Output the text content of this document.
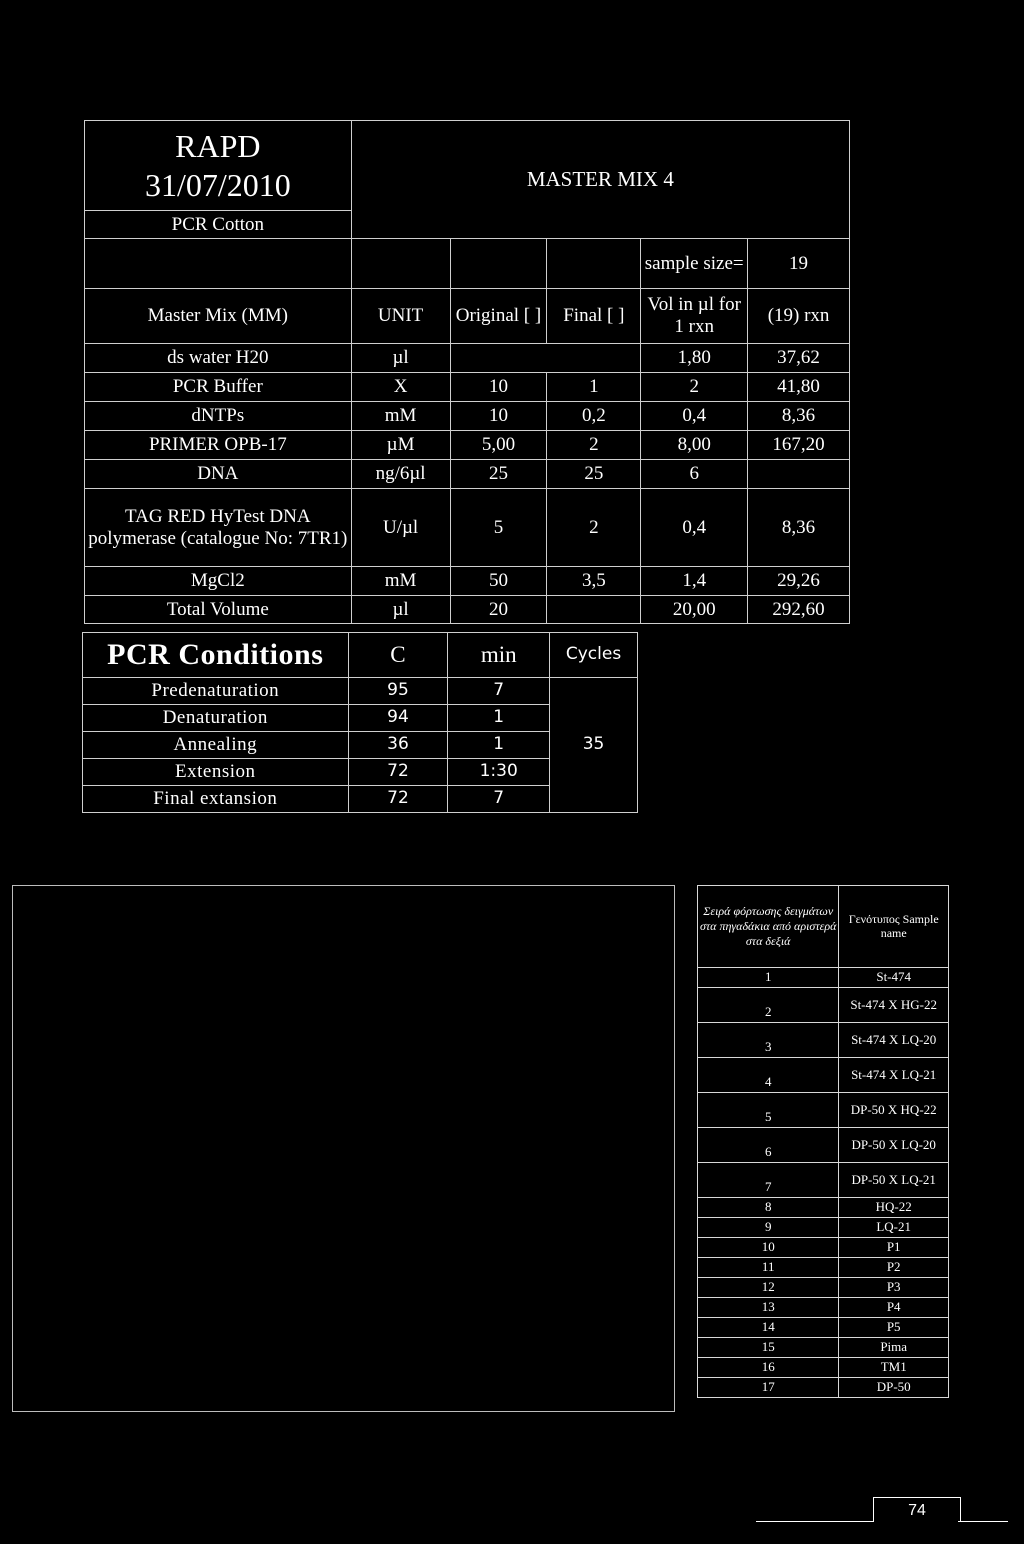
RAPD
31/07/2010	MASTER MIX 4				
PCR Cotton					
				sample size=	19
Master Mix (MM)	UNIT	Original [ ]	Final [ ]	Vol in µl for 1 rxn	(19) rxn
ds water H20	µl			1,80	37,62
PCR Buffer	X	10	1	2	41,80
dNTPs	mM	10	0,2	0,4	8,36
PRIMER OPB-17	µM	5,00	2	8,00	167,20
DNA	ng/6µl	25	25	6	
TAG RED HyTest DNA polymerase (catalogue No: 7TR1)	U/µl	5	2	0,4	8,36
MgCl2	mM	50	3,5	1,4	29,26
Total Volume	µl	20		20,00	292,60
PCR Conditions	C	min	Cycles
Predenaturation	95	7	35
Denaturation	94	1	
Annealing	36	1	
Extension	72	1:30	
Final extansion	72	7	
Σειρά φόρτωσης δειγμάτων στα πηγαδάκια από αριστερά στα δεξιά	Γενότυπος Sample name
1	St-474
2	St-474 X HG-22
3	St-474 X LQ-20
4	St-474 X LQ-21
5	DP-50 X HQ-22
6	DP-50 X LQ-20
7	DP-50 X LQ-21
8	HQ-22
9	LQ-21
10	P1
11	P2
12	P3
13	P4
14	P5
15	Pima
16	TM1
17	DP-50
74
